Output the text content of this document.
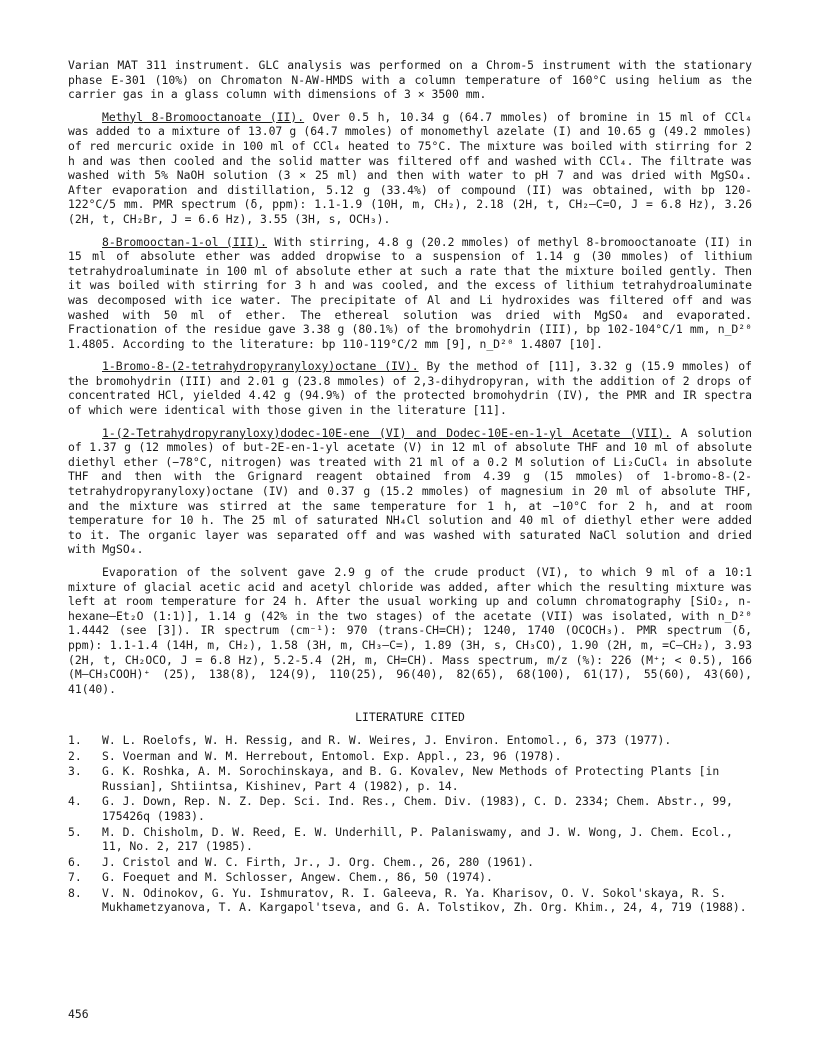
Varian MAT 311 instrument. GLC analysis was performed on a Chrom-5 instrument with the stationary phase E-301 (10%) on Chromaton N-AW-HMDS with a column temperature of 160°C using helium as the carrier gas in a glass column with dimensions of 3 × 3500 mm.

Methyl 8-Bromooctanoate (II). Over 0.5 h, 10.34 g (64.7 mmoles) of bromine in 15 ml of CCl₄ was added to a mixture of 13.07 g (64.7 mmoles) of monomethyl azelate (I) and 10.65 g (49.2 mmoles) of red mercuric oxide in 100 ml of CCl₄ heated to 75°C. The mixture was boiled with stirring for 2 h and was then cooled and the solid matter was filtered off and washed with CCl₄. The filtrate was washed with 5% NaOH solution (3 × 25 ml) and then with water to pH 7 and was dried with MgSO₄. After evaporation and distillation, 5.12 g (33.4%) of compound (II) was obtained, with bp 120-122°C/5 mm. PMR spectrum (δ, ppm): 1.1-1.9 (10H, m, CH₂), 2.18 (2H, t, CH₂—C=O, J = 6.8 Hz), 3.26 (2H, t, CH₂Br, J = 6.6 Hz), 3.55 (3H, s, OCH₃).

8-Bromooctan-1-ol (III). With stirring, 4.8 g (20.2 mmoles) of methyl 8-bromooctanoate (II) in 15 ml of absolute ether was added dropwise to a suspension of 1.14 g (30 mmoles) of lithium tetrahydroaluminate in 100 ml of absolute ether at such a rate that the mixture boiled gently. Then it was boiled with stirring for 3 h and was cooled, and the excess of lithium tetrahydroaluminate was decomposed with ice water. The precipitate of Al and Li hydroxides was filtered off and was washed with 50 ml of ether. The ethereal solution was dried with MgSO₄ and evaporated. Fractionation of the residue gave 3.38 g (80.1%) of the bromohydrin (III), bp 102-104°C/1 mm, n_D²⁰ 1.4805. According to the literature: bp 110-119°C/2 mm [9], n_D²⁰ 1.4807 [10].

1-Bromo-8-(2-tetrahydropyranyloxy)octane (IV). By the method of [11], 3.32 g (15.9 mmoles) of the bromohydrin (III) and 2.01 g (23.8 mmoles) of 2,3-dihydropyran, with the addition of 2 drops of concentrated HCl, yielded 4.42 g (94.9%) of the protected bromohydrin (IV), the PMR and IR spectra of which were identical with those given in the literature [11].

1-(2-Tetrahydropyranyloxy)dodec-10E-ene (VI) and Dodec-10E-en-1-yl Acetate (VII). A solution of 1.37 g (12 mmoles) of but-2E-en-1-yl acetate (V) in 12 ml of absolute THF and 10 ml of absolute diethyl ether (−78°C, nitrogen) was treated with 21 ml of a 0.2 M solution of Li₂CuCl₄ in absolute THF and then with the Grignard reagent obtained from 4.39 g (15 mmoles) of 1-bromo-8-(2-tetrahydropyranyloxy)octane (IV) and 0.37 g (15.2 mmoles) of magnesium in 20 ml of absolute THF, and the mixture was stirred at the same temperature for 1 h, at −10°C for 2 h, and at room temperature for 10 h. The 25 ml of saturated NH₄Cl solution and 40 ml of diethyl ether were added to it. The organic layer was separated off and was washed with saturated NaCl solution and dried with MgSO₄.

Evaporation of the solvent gave 2.9 g of the crude product (VI), to which 9 ml of a 10:1 mixture of glacial acetic acid and acetyl chloride was added, after which the resulting mixture was left at room temperature for 24 h. After the usual working up and column chromatography [SiO₂, n-hexane—Et₂O (1:1)], 1.14 g (42% in the two stages) of the acetate (VII) was isolated, with n_D²⁰ 1.4442 (see [3]). IR spectrum (cm⁻¹): 970 (trans-CH=CH); 1240, 1740 (OCOCH₃). PMR spectrum (δ, ppm): 1.1-1.4 (14H, m, CH₂), 1.58 (3H, m, CH₃—C=), 1.89 (3H, s, CH₃CO), 1.90 (2H, m, =C—CH₂), 3.93 (2H, t, CH₂OCO, J = 6.8 Hz), 5.2-5.4 (2H, m, CH=CH). Mass spectrum, m/z (%): 226 (M⁺; < 0.5), 166 (M—CH₃COOH)⁺ (25), 138(8), 124(9), 110(25), 96(40), 82(65), 68(100), 61(17), 55(60), 43(60), 41(40).

LITERATURE CITED
1.	W. L. Roelofs, W. H. Ressig, and R. W. Weires, J. Environ. Entomol., 6, 373 (1977).
2.	S. Voerman and W. M. Herrebout, Entomol. Exp. Appl., 23, 96 (1978).
3.	G. K. Roshka, A. M. Sorochinskaya, and B. G. Kovalev, New Methods of Protecting Plants [in Russian], Shtiintsa, Kishinev, Part 4 (1982), p. 14.
4.	G. J. Down, Rep. N. Z. Dep. Sci. Ind. Res., Chem. Div. (1983), C. D. 2334; Chem. Abstr., 99, 175426q (1983).
5.	M. D. Chisholm, D. W. Reed, E. W. Underhill, P. Palaniswamy, and J. W. Wong, J. Chem. Ecol., 11, No. 2, 217 (1985).
6.	J. Cristol and W. C. Firth, Jr., J. Org. Chem., 26, 280 (1961).
7.	G. Foequet and M. Schlosser, Angew. Chem., 86, 50 (1974).
8.	V. N. Odinokov, G. Yu. Ishmuratov, R. I. Galeeva, R. Ya. Kharisov, O. V. Sokol'skaya, R. S. Mukhametzyanova, T. A. Kargapol'tseva, and G. A. Tolstikov, Zh. Org. Khim., 24, 4, 719 (1988).
456
